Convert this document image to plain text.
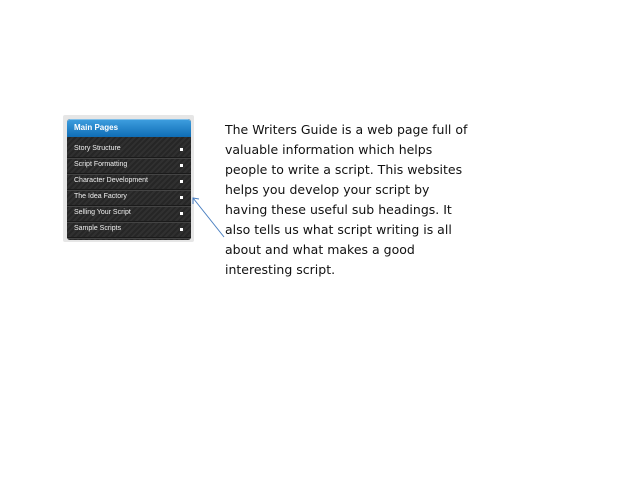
Main Pages
Story Structure
Script Formatting
Character Development
The Idea Factory
Selling Your Script
Sample Scripts

The Writers Guide is a web page full of valuable information which helps people to write a script. This websites helps you develop your script by having these useful sub headings. It also tells us what script writing is all about and what makes a good interesting script.
